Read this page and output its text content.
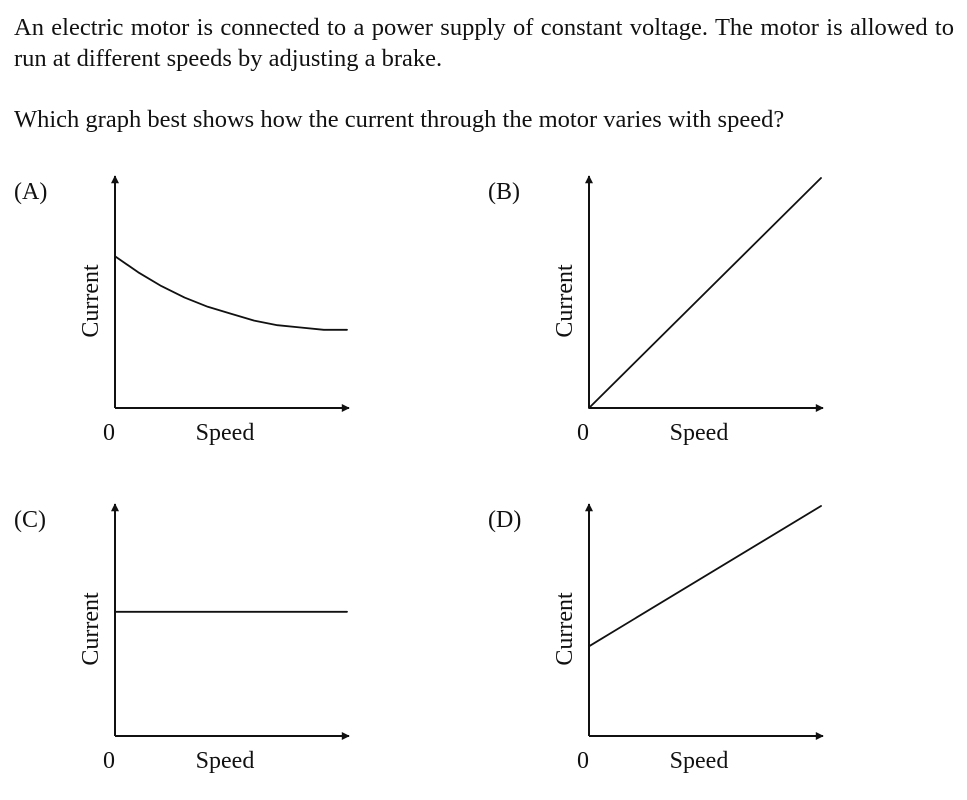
An electric motor is connected to a power supply of constant voltage. The motor is allowed to run at different speeds by adjusting a brake.

Which graph best shows how the current through the motor varies with speed?

(A)	(B)
(C)	(D)
0	Speed
Current
0	Speed
Current
0	Speed
Current
0	Speed
Current
